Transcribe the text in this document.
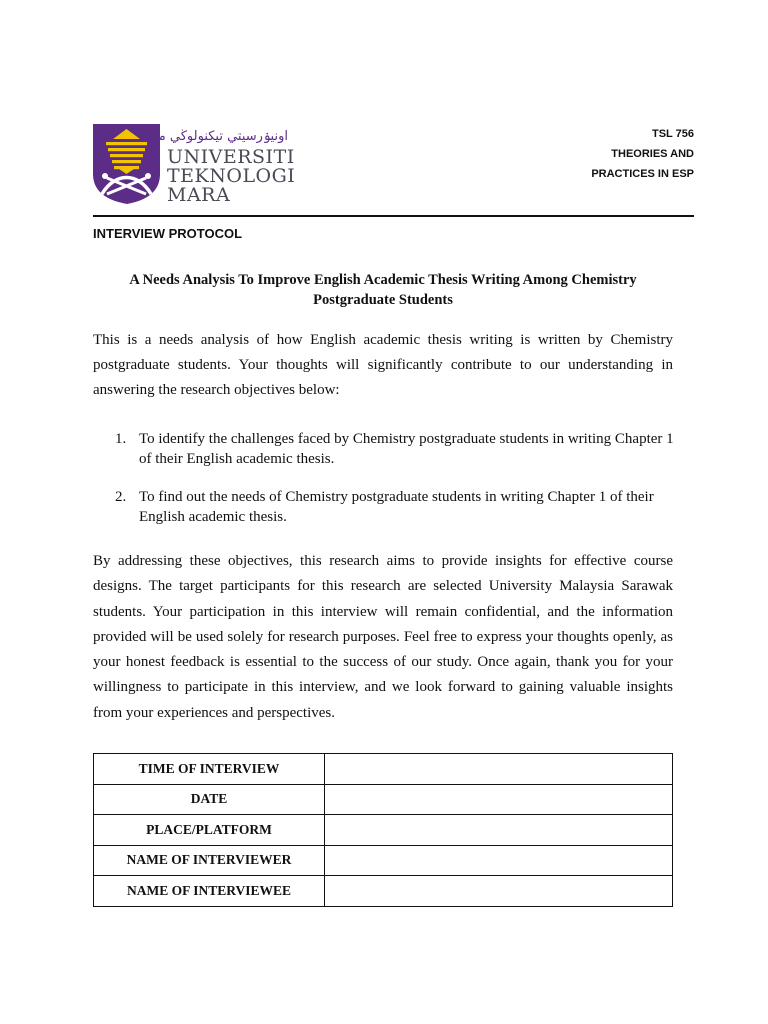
اونيۏرسيتي تيكنولوڬي مارا
UNIVERSITI
TEKNOLOGI
MARA
TSL 756
THEORIES AND
PRACTICES IN ESP
INTERVIEW PROTOCOL
A Needs Analysis To Improve English Academic Thesis Writing Among Chemistry Postgraduate Students

This is a needs analysis of how English academic thesis writing is written by Chemistry postgraduate students. Your thoughts will significantly contribute to our understanding in answering the research objectives below:

1. To identify the challenges faced by Chemistry postgraduate students in writing Chapter 1 of their English academic thesis.
2. To find out the needs of Chemistry postgraduate students in writing Chapter 1 of their English academic thesis.

By addressing these objectives, this research aims to provide insights for effective course designs. The target participants for this research are selected University Malaysia Sarawak students. Your participation in this interview will remain confidential, and the information provided will be used solely for research purposes. Feel free to express your thoughts openly, as your honest feedback is essential to the success of our study. Once again, thank you for your willingness to participate in this interview, and we look forward to gaining valuable insights from your experiences and perspectives.

TIME OF INTERVIEW	
DATE	
PLACE/PLATFORM	
NAME OF INTERVIEWER	
NAME OF INTERVIEWEE	
